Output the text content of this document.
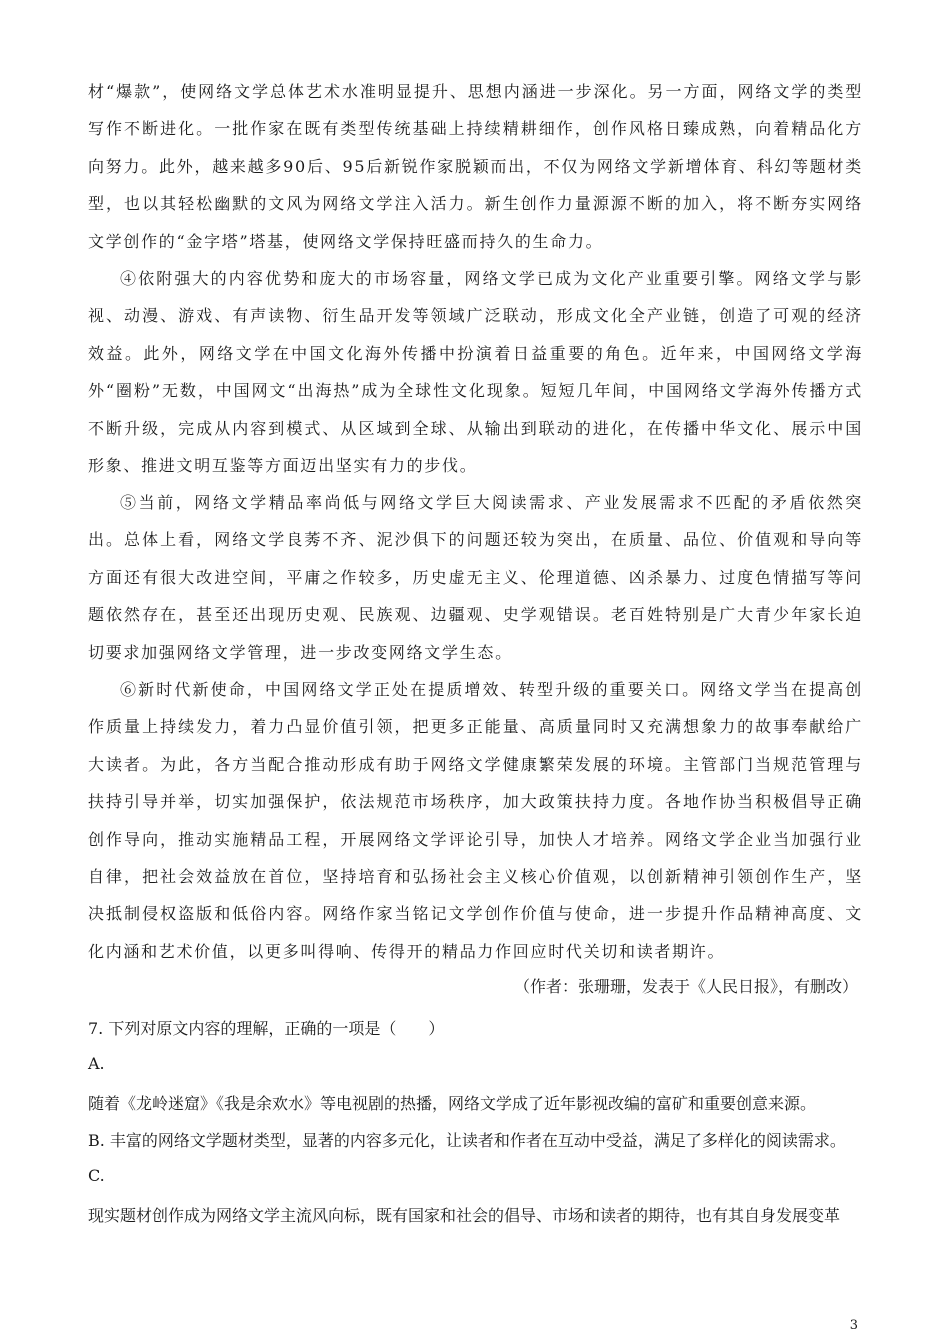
材“爆款”，使网络文学总体艺术水准明显提升、思想内涵进一步深化。另一方面，网络文学的类型写作不断进化。一批作家在既有类型传统基础上持续精耕细作，创作风格日臻成熟，向着精品化方向努力。此外，越来越多90后、95后新锐作家脱颖而出，不仅为网络文学新增体育、科幻等题材类型，也以其轻松幽默的文风为网络文学注入活力。新生创作力量源源不断的加入，将不断夯实网络文学创作的“金字塔”塔基，使网络文学保持旺盛而持久的生命力。

④依附强大的内容优势和庞大的市场容量，网络文学已成为文化产业重要引擎。网络文学与影视、动漫、游戏、有声读物、衍生品开发等领域广泛联动，形成文化全产业链，创造了可观的经济效益。此外，网络文学在中国文化海外传播中扮演着日益重要的角色。近年来，中国网络文学海外“圈粉”无数，中国网文“出海热”成为全球性文化现象。短短几年间，中国网络文学海外传播方式不断升级，完成从内容到模式、从区域到全球、从输出到联动的进化，在传播中华文化、展示中国形象、推进文明互鉴等方面迈出坚实有力的步伐。

⑤当前，网络文学精品率尚低与网络文学巨大阅读需求、产业发展需求不匹配的矛盾依然突出。总体上看，网络文学良莠不齐、泥沙俱下的问题还较为突出，在质量、品位、价值观和导向等方面还有很大改进空间，平庸之作较多，历史虚无主义、伦理道德、凶杀暴力、过度色情描写等问题依然存在，甚至还出现历史观、民族观、边疆观、史学观错误。老百姓特别是广大青少年家长迫切要求加强网络文学管理，进一步改变网络文学生态。

⑥新时代新使命，中国网络文学正处在提质增效、转型升级的重要关口。网络文学当在提高创作质量上持续发力，着力凸显价值引领，把更多正能量、高质量同时又充满想象力的故事奉献给广大读者。为此，各方当配合推动形成有助于网络文学健康繁荣发展的环境。主管部门当规范管理与扶持引导并举，切实加强保护，依法规范市场秩序，加大政策扶持力度。各地作协当积极倡导正确创作导向，推动实施精品工程，开展网络文学评论引导，加快人才培养。网络文学企业当加强行业自律，把社会效益放在首位，坚持培育和弘扬社会主义核心价值观，以创新精神引领创作生产，坚决抵制侵权盗版和低俗内容。网络作家当铭记文学创作价值与使命，进一步提升作品精神高度、文化内涵和艺术价值，以更多叫得响、传得开的精品力作回应时代关切和读者期许。

（作者：张珊珊，发表于《人民日报》，有删改）

7. 下列对原文内容的理解，正确的一项是（　　）

A.

随着《龙岭迷窟》《我是余欢水》等电视剧的热播，网络文学成了近年影视改编的富矿和重要创意来源。

B. 丰富的网络文学题材类型，显著的内容多元化，让读者和作者在互动中受益，满足了多样化的阅读需求。

C.

现实题材创作成为网络文学主流风向标，既有国家和社会的倡导、市场和读者的期待，也有其自身发展变革

3
